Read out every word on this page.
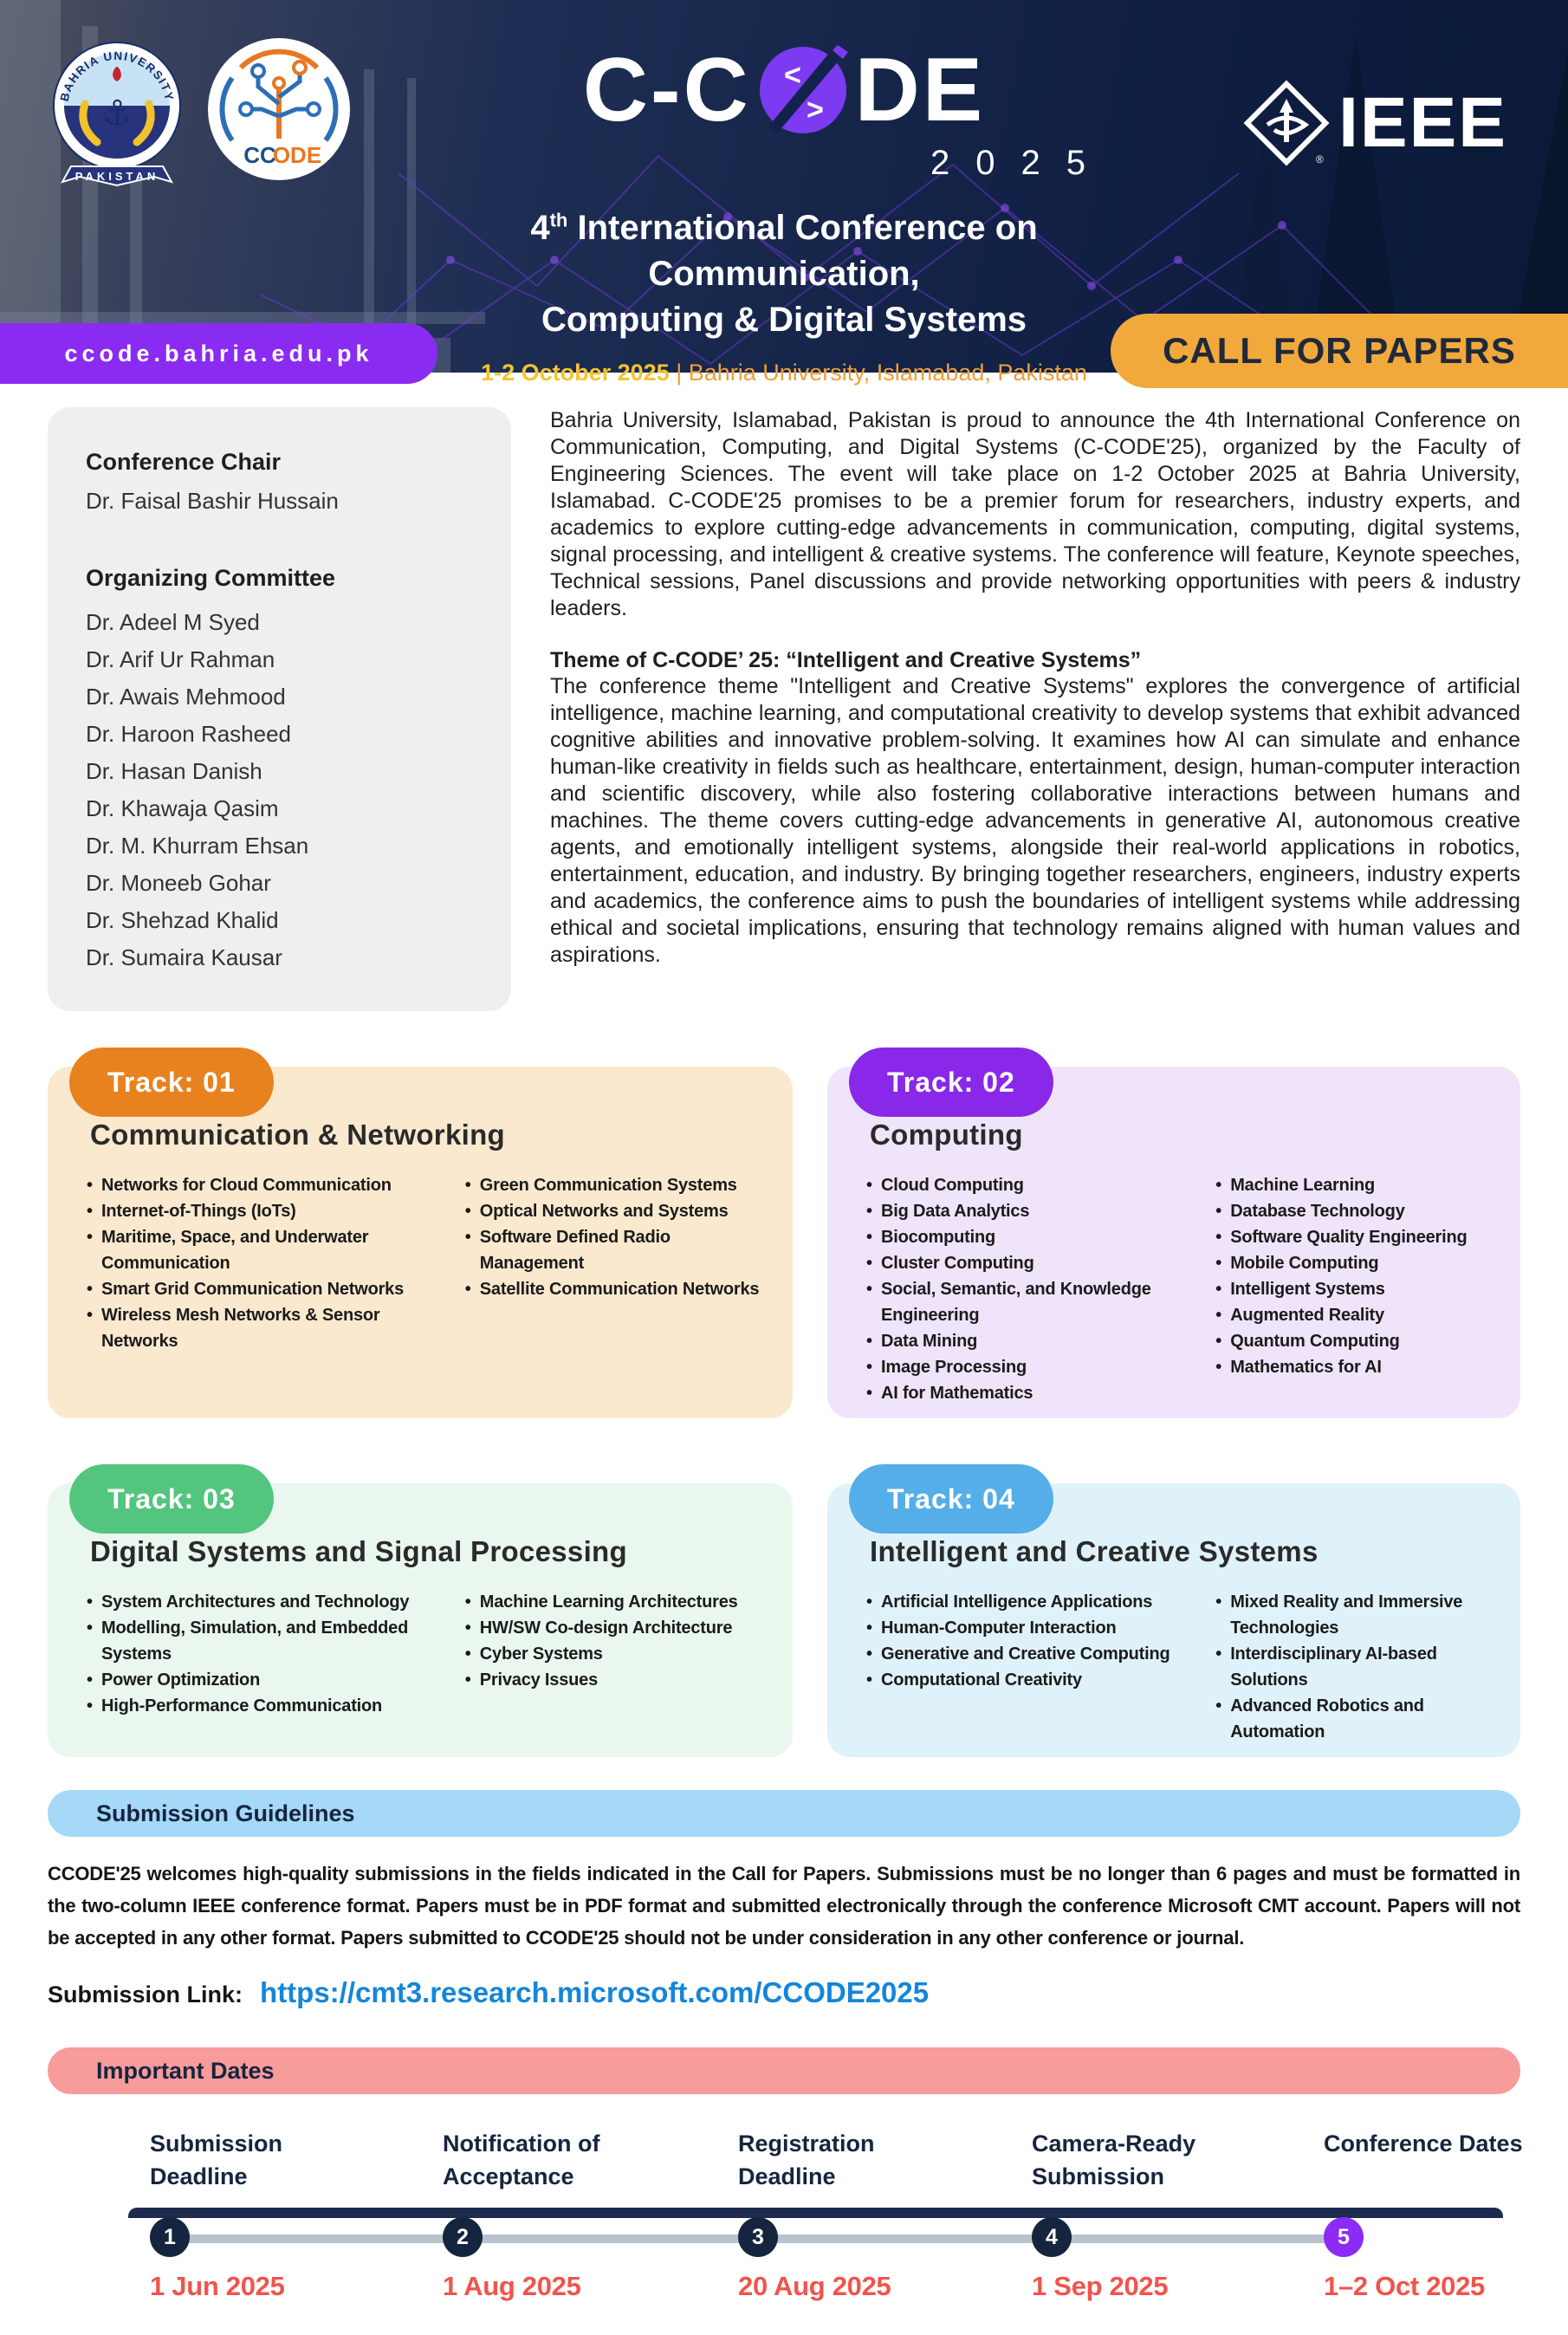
BAHRIA UNIVERSITY
⚓
PAKISTAN
CC
ODE
C-C <
> DE
2025
4th International Conference on Communication,
Computing & Digital Systems
1-2 October 2025 | Bahria University, Islamabad, Pakistan
® IEEE
ccode.bahria.edu.pk	CALL FOR PAPERS
Conference Chair
Dr. Faisal Bashir Hussain
Organizing Committee
Dr. Adeel M Syed
Dr. Arif Ur Rahman
Dr. Awais Mehmood
Dr. Haroon Rasheed
Dr. Hasan Danish
Dr. Khawaja Qasim
Dr. M. Khurram Ehsan
Dr. Moneeb Gohar
Dr. Shehzad Khalid
Dr. Sumaira Kausar

Bahria University, Islamabad, Pakistan is proud to announce the 4th International Conference on Communication, Computing, and Digital Systems (C-CODE'25), organized by the Faculty of Engineering Sciences. The event will take place on 1-2 October 2025 at Bahria University, Islamabad. C-CODE'25 promises to be a premier forum for researchers, industry experts, and academics to explore cutting-edge advancements in communication, computing, digital systems, signal processing, and intelligent & creative systems. The conference will feature, Keynote speeches, Technical sessions, Panel discussions and provide networking opportunities with peers & industry leaders.

Theme of C-CODE’ 25: “Intelligent and Creative Systems”

The conference theme "Intelligent and Creative Systems" explores the convergence of artificial intelligence, machine learning, and computational creativity to develop systems that exhibit advanced cognitive abilities and innovative problem-solving. It examines how AI can simulate and enhance human-like creativity in fields such as healthcare, entertainment, design, human-computer interaction and scientific discovery, while also fostering collaborative interactions between humans and machines. The theme covers cutting-edge advancements in generative AI, autonomous creative agents, and emotionally intelligent systems, alongside their real-world applications in robotics, entertainment, education, and industry. By bringing together researchers, engineers, industry experts and academics, the conference aims to push the boundaries of intelligent systems while addressing ethical and societal implications, ensuring that technology remains aligned with human values and aspirations.

Track: 01
Communication & Networking
• Networks for Cloud Communication
• Internet-of-Things (IoTs)
• Maritime, Space, and Underwater Communication
• Smart Grid Communication Networks
• Wireless Mesh Networks & Sensor Networks
• Green Communication Systems
• Optical Networks and Systems
• Software Defined Radio Management
• Satellite Communication Networks
Track: 02
Computing
• Cloud Computing
• Big Data Analytics
• Biocomputing
• Cluster Computing
• Social, Semantic, and Knowledge Engineering
• Data Mining
• Image Processing
• AI for Mathematics
• Machine Learning
• Database Technology
• Software Quality Engineering
• Mobile Computing
• Intelligent Systems
• Augmented Reality
• Quantum Computing
• Mathematics for AI
Track: 03
Digital Systems and Signal Processing
• System Architectures and Technology
• Modelling, Simulation, and Embedded Systems
• Power Optimization
• High-Performance Communication
• Machine Learning Architectures
• HW/SW Co-design Architecture
• Cyber Systems
• Privacy Issues
Track: 04
Intelligent and Creative Systems
• Artificial Intelligence Applications
• Human-Computer Interaction
• Generative and Creative Computing
• Computational Creativity
• Mixed Reality and Immersive Technologies
• Interdisciplinary AI-based Solutions
• Advanced Robotics and Automation
Submission Guidelines

CCODE'25 welcomes high-quality submissions in the fields indicated in the Call for Papers. Submissions must be no longer than 6 pages and must be formatted in the two-column IEEE conference format. Papers must be in PDF format and submitted electronically through the conference Microsoft CMT account. Papers will not be accepted in any other format. Papers submitted to CCODE'25 should not be under consideration in any other conference or journal.

Submission Link: https://cmt3.research.microsoft.com/CCODE2025
Important Dates
Submission Deadline
1
1 Jun 2025
Notification of Acceptance
2
1 Aug 2025
Registration Deadline
3
20 Aug 2025
Camera-Ready Submission
4
1 Sep 2025
Conference Dates
5
1–2 Oct 2025
